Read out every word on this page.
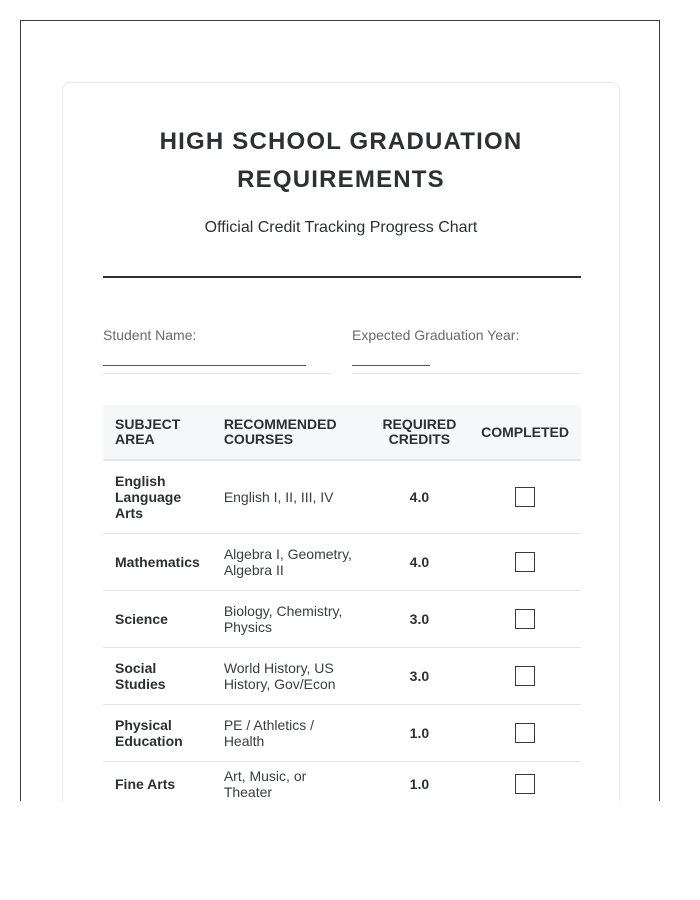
HIGH SCHOOL GRADUATION
REQUIREMENTS
Official Credit Tracking Progress Chart
Student Name:	Expected Graduation Year:
SUBJECT AREA	RECOMMENDED COURSES	REQUIRED CREDITS	COMPLETED
English Language Arts	English I, II, III, IV	4.0	
Mathematics	Algebra I, Geometry, Algebra II	4.0	
Science	Biology, Chemistry, Physics	3.0	
Social Studies	World History, US History, Gov/Econ	3.0	
Physical Education	PE / Athletics / Health	1.0	
Fine Arts	Art, Music, or Theater	1.0	
